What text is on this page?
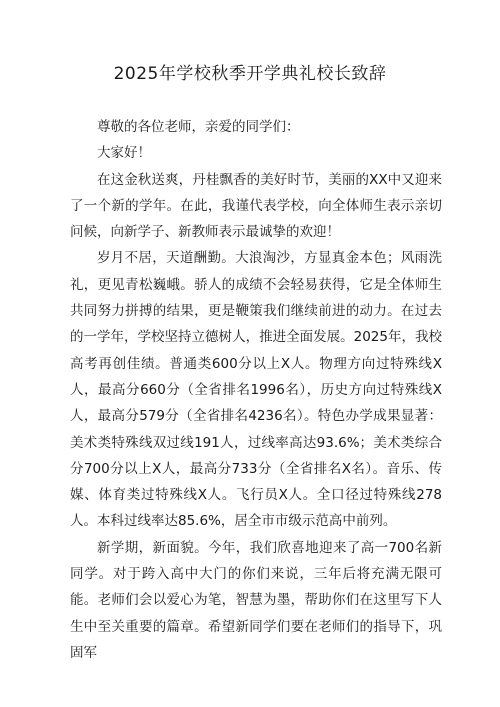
2025年学校秋季开学典礼校长致辞

尊敬的各位老师，亲爱的同学们：

大家好！

在这金秋送爽，丹桂飘香的美好时节，美丽的XX中又迎来了一个新的学年。在此，我谨代表学校，向全体师生表示亲切问候，向新学子、新教师表示最诚挚的欢迎！

岁月不居，天道酬勤。大浪淘沙，方显真金本色；风雨洗礼，更见青松巍峨。骄人的成绩不会轻易获得，它是全体师生共同努力拼搏的结果，更是鞭策我们继续前进的动力。在过去的一学年，学校坚持立德树人，推进全面发展。2025年，我校高考再创佳绩。普通类600分以上X人。物理方向过特殊线X人，最高分660分（全省排名1996名），历史方向过特殊线X人，最高分579分（全省排名4236名）。特色办学成果显著：美术类特殊线双过线191人，过线率高达93.6%；美术类综合分700分以上X人，最高分733分（全省排名X名）。音乐、传媒、体育类过特殊线X人。飞行员X人。全口径过特殊线278人。本科过线率达85.6%，居全市市级示范高中前列。

新学期，新面貌。今年，我们欣喜地迎来了高一700名新同学。对于跨入高中大门的你们来说，三年后将充满无限可能。老师们会以爱心为笔，智慧为墨，帮助你们在这里写下人生中至关重要的篇章。希望新同学们要在老师们的指导下，巩固军
